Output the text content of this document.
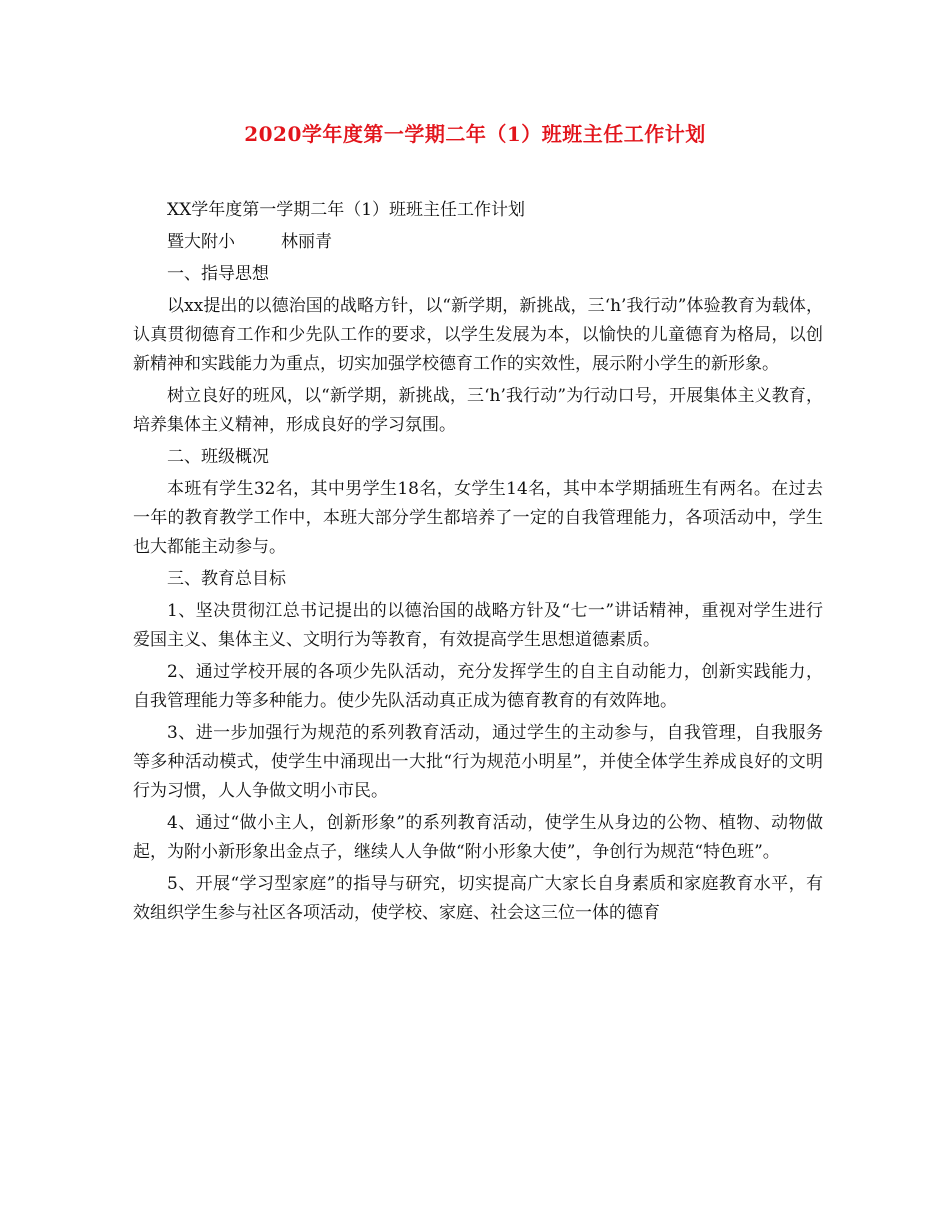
2020学年度第一学期二年（1）班班主任工作计划

XX学年度第一学期二年（1）班班主任工作计划

暨大附小	林丽青

一、指导思想

以xx提出的以德治国的战略方针，以“新学期，新挑战，三‘h’我行动”体验教育为载体，认真贯彻德育工作和少先队工作的要求，以学生发展为本，以愉快的儿童德育为格局，以创新精神和实践能力为重点，切实加强学校德育工作的实效性，展示附小学生的新形象。

树立良好的班风，以“新学期，新挑战，三‘h’我行动”为行动口号，开展集体主义教育，培养集体主义精神，形成良好的学习氛围。

二、班级概况

本班有学生32名，其中男学生18名，女学生14名，其中本学期插班生有两名。在过去一年的教育教学工作中，本班大部分学生都培养了一定的自我管理能力，各项活动中，学生也大都能主动参与。

三、教育总目标

1、坚决贯彻江总书记提出的以德治国的战略方针及“七一”讲话精神，重视对学生进行爱国主义、集体主义、文明行为等教育，有效提高学生思想道德素质。

2、通过学校开展的各项少先队活动，充分发挥学生的自主自动能力，创新实践能力，自我管理能力等多种能力。使少先队活动真正成为德育教育的有效阵地。

3、进一步加强行为规范的系列教育活动，通过学生的主动参与，自我管理，自我服务等多种活动模式，使学生中涌现出一大批“行为规范小明星”，并使全体学生养成良好的文明行为习惯，人人争做文明小市民。

4、通过“做小主人，创新形象”的系列教育活动，使学生从身边的公物、植物、动物做起，为附小新形象出金点子，继续人人争做“附小形象大使”，争创行为规范“特色班”。

5、开展“学习型家庭”的指导与研究，切实提高广大家长自身素质和家庭教育水平，有效组织学生参与社区各项活动，使学校、家庭、社会这三位一体的德育
